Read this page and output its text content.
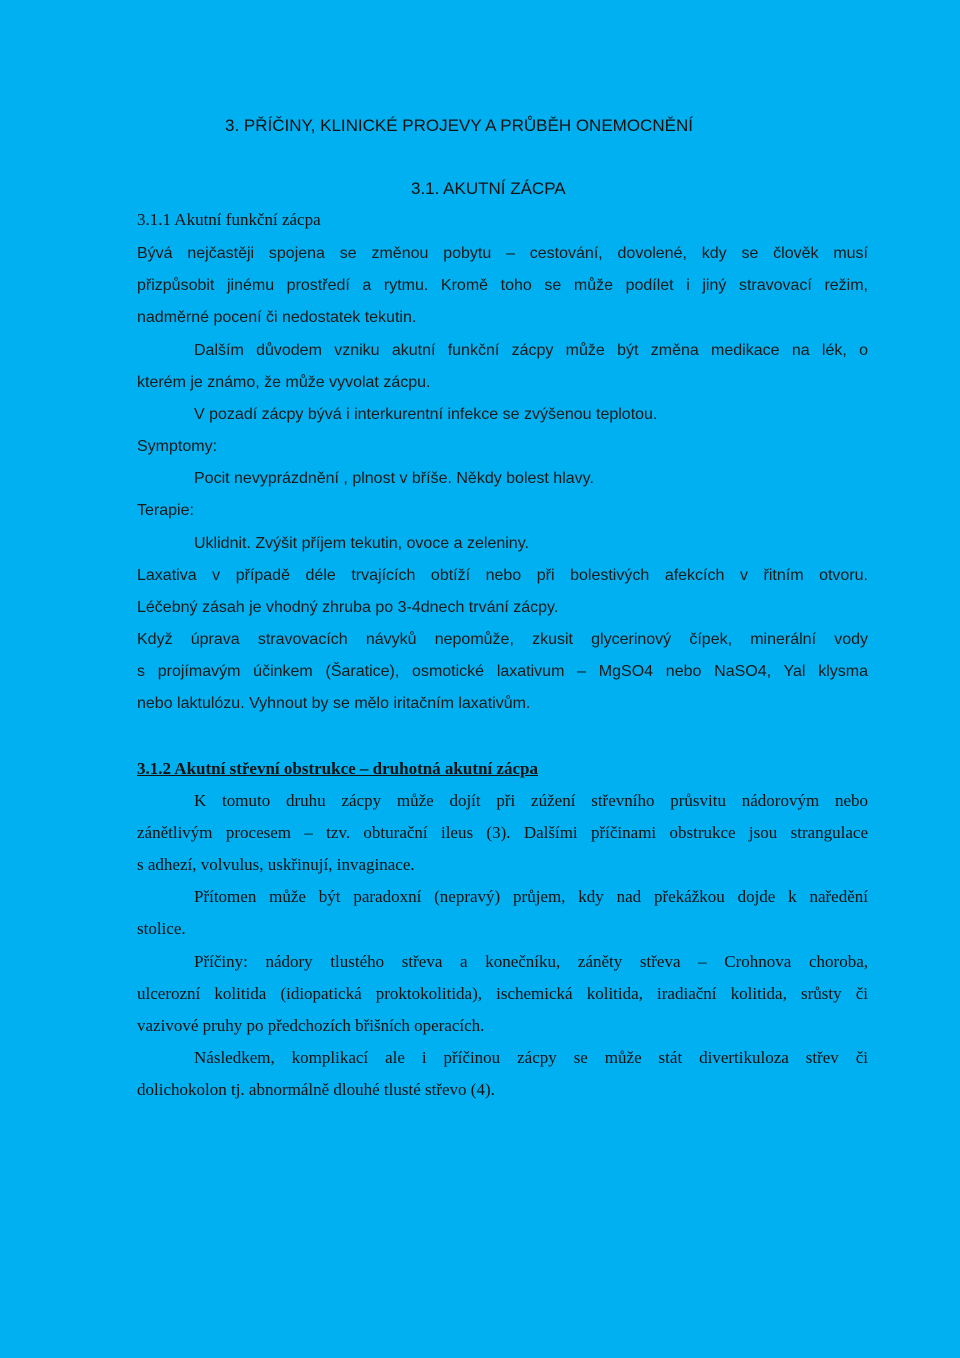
3. PŘÍČINY, KLINICKÉ PROJEVY A PRŮBĚH ONEMOCNĚNÍ
3.1. AKUTNÍ ZÁCPA
3.1.1 Akutní funkční zácpa
Bývá nejčastěji spojena se změnou pobytu – cestování, dovolené, kdy se člověk musí
přizpůsobit jinému prostředí a rytmu. Kromě toho se může podílet i jiný stravovací režim,
nadměrné pocení či nedostatek tekutin.
Dalším důvodem vzniku akutní funkční zácpy může být změna medikace na lék, o
kterém je známo, že může vyvolat zácpu.
V pozadí zácpy bývá i interkurentní infekce se zvýšenou teplotou.
Symptomy:
Pocit nevyprázdnění , plnost v bříše. Někdy bolest hlavy.
Terapie:
Uklidnit. Zvýšit příjem tekutin, ovoce a zeleniny.
Laxativa v případě déle trvajících obtíží nebo při bolestivých afekcích v řitním otvoru.
Léčebný zásah je vhodný zhruba po 3-4dnech trvání zácpy.
Když úprava stravovacích návyků nepomůže, zkusit glycerinový čípek, minerální vody
s projímavým účinkem (Šaratice), osmotické laxativum – MgSO4 nebo NaSO4, Yal klysma
nebo laktulózu. Vyhnout by se mělo iritačním laxativům.
3.1.2 Akutní střevní obstrukce – druhotná akutní zácpa
K tomuto druhu zácpy může dojít při zúžení střevního průsvitu nádorovým nebo
zánětlivým procesem – tzv. obturační ileus (3). Dalšími příčinami obstrukce jsou strangulace
s adhezí, volvulus, uskřinují, invaginace.
Přítomen může být paradoxní (nepravý) průjem, kdy nad překážkou dojde k naředění
stolice.
Příčiny: nádory tlustého střeva a konečníku, záněty střeva – Crohnova choroba,
ulcerozní kolitida (idiopatická proktokolitida), ischemická kolitida, iradiační kolitida, srůsty či
vazivové pruhy po předchozích břišních operacích.
Následkem, komplikací ale i příčinou zácpy se může stát divertikuloza střev či
dolichokolon tj. abnormálně dlouhé tlusté střevo (4).
